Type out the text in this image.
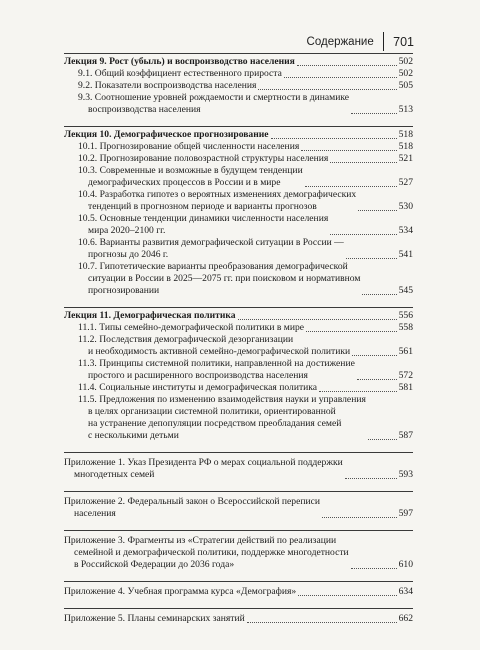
Содержание 701
Лекция 9. Рост (убыль) и воспроизводство населения	502
9.1. Общий коэффициент естественного прироста	502
9.2. Показатели воспроизводства населения	505
9.3. Соотношение уровней рождаемости и смертности в динамике
воспроизводства населения	513
Лекция 10. Демографическое прогнозирование	518
10.1. Прогнозирование общей численности населения	518
10.2. Прогнозирование половозрастной структуры населения	521
10.3. Современные и возможные в будущем тенденции
демографических процессов в России и в мире	527
10.4. Разработка гипотез о вероятных изменениях демографических
тенденций в прогнозном периоде и варианты прогнозов	530
10.5. Основные тенденции динамики численности населения
мира 2020–2100 гг.	534
10.6. Варианты развития демографической ситуации в России —
прогнозы до 2046 г.	541
10.7. Гипотетические варианты преобразования демографической
ситуации в России в 2025—2075 гг. при поисковом и нормативном
прогнозировании	545
Лекция 11. Демографическая политика	556
11.1. Типы семейно-демографической политики в мире	558
11.2. Последствия демографической дезорганизации
и необходимость активной семейно-демографической политики	561
11.3. Принципы системной политики, направленной на достижение
простого и расширенного воспроизводства населения	572
11.4. Социальные институты и демографическая политика	581
11.5. Предложения по изменению взаимодействия науки и управления
в целях организации системной политики, ориентированной
на устранение депопуляции посредством преобладания семей
с несколькими детьми	587
Приложение 1. Указ Президента РФ о мерах социальной поддержки
многодетных семей	593
Приложение 2. Федеральный закон о Всероссийской переписи
населения	597
Приложение 3. Фрагменты из «Стратегии действий по реализации
семейной и демографической политики, поддержке многодетности
в Российской Федерации до 2036 года»	610
Приложение 4. Учебная программа курса «Демография»	634
Приложение 5. Планы семинарских занятий	662
